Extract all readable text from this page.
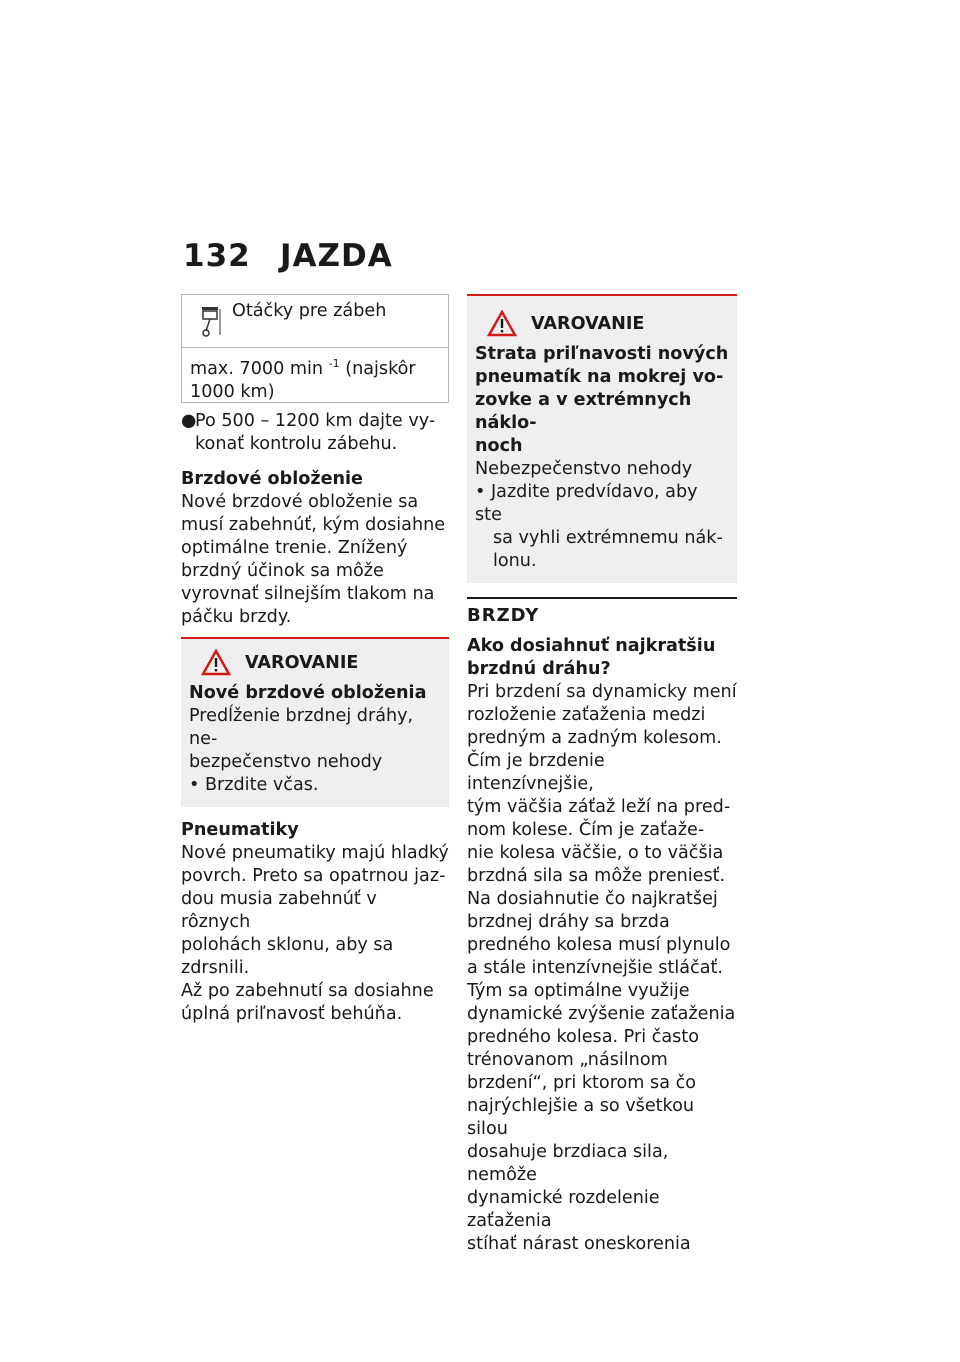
132 JAZDA
Otáčky pre zábeh

max. 7000 min $^{-1}$ (najskôr

1000 km)

●

Po 500 – 1200 km dajte vy-

konať kontrolu zábehu.

Brzdové obloženie

Nové brzdové obloženie sa

musí zabehnúť, kým dosiahne

optimálne trenie. Znížený

brzdný účinok sa môže

vyrovnať silnejším tlakom na

páčku brzdy.

VAROVANIE

Nové brzdové obloženia

Predĺženie brzdnej dráhy, ne-

bezpečenstvo nehody

• Brzdite včas.

Pneumatiky

Nové pneumatiky majú hladký

povrch. Preto sa opatrnou jaz-

dou musia zabehnúť v rôznych

polohách sklonu, aby sa zdrsnili.

Až po zabehnutí sa dosiahne

úplná priľnavosť behúňa.

VAROVANIE

Strata priľnavosti nových

pneumatík na mokrej vo-

zovke a v extrémnych náklo-

noch

Nebezpečenstvo nehody

• Jazdite predvídavo, aby ste

sa vyhli extrémnemu nák-

lonu.

BRZDY

Ako dosiahnuť najkratšiu

brzdnú dráhu?

Pri brzdení sa dynamicky mení

rozloženie zaťaženia medzi

predným a zadným kolesom.

Čím je brzdenie intenzívnejšie,

tým väčšia záťaž leží na pred-

nom kolese. Čím je zaťaže-

nie kolesa väčšie, o to väčšia

brzdná sila sa môže preniesť.

Na dosiahnutie čo najkratšej

brzdnej dráhy sa brzda

predného kolesa musí plynulo

a stále intenzívnejšie stláčať.

Tým sa optimálne využije

dynamické zvýšenie zaťaženia

predného kolesa. Pri často

trénovanom „násilnom

brzdení“, pri ktorom sa čo

najrýchlejšie a so všetkou silou

dosahuje brzdiaca sila, nemôže

dynamické rozdelenie zaťaženia

stíhať nárast oneskorenia
